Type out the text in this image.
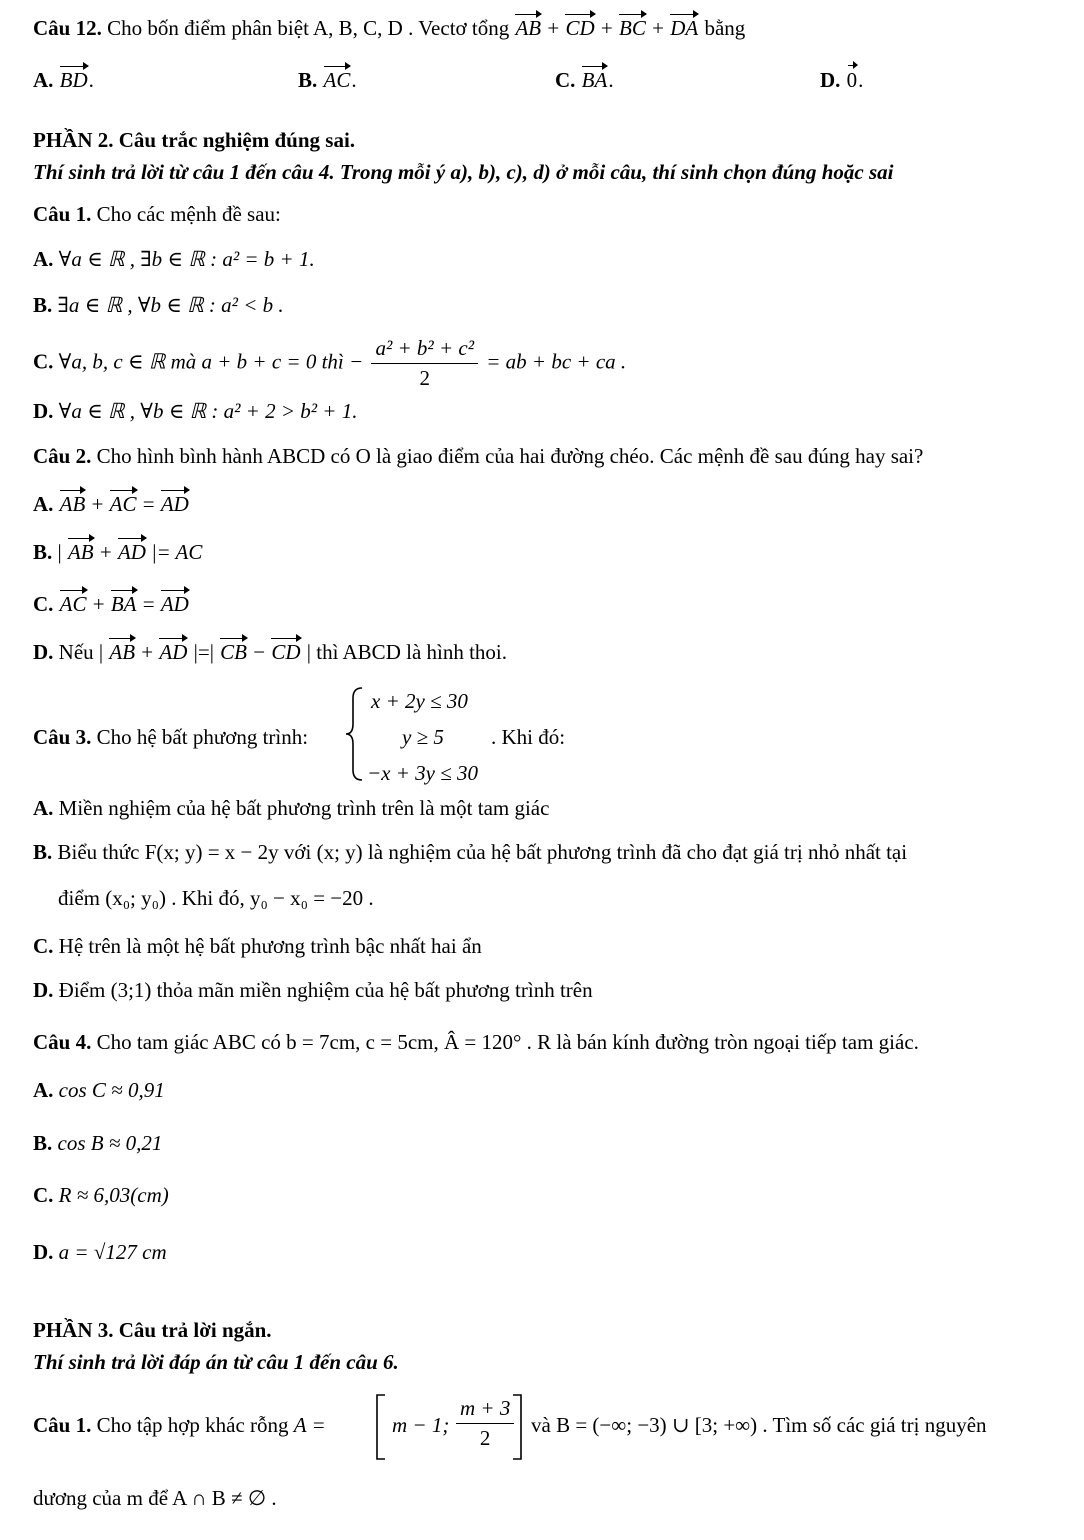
Câu 12. Cho bốn điểm phân biệt A, B, C, D . Vectơ tổng AB + CD + BC + DA bằng
A. BD.	B. AC.	C. BA.	D. 0.
PHẦN 2. Câu trắc nghiệm đúng sai.
Thí sinh trả lời từ câu 1 đến câu 4. Trong mỗi ý a), b), c), d) ở mỗi câu, thí sinh chọn đúng hoặc sai
Câu 1. Cho các mệnh đề sau:
A. ∀a ∈ ℝ , ∃b ∈ ℝ : a² = b + 1.
B. ∃a ∈ ℝ , ∀b ∈ ℝ : a² < b .
C. ∀a, b, c ∈ ℝ mà a + b + c = 0 thì − $\frac{\text{a² + b² + c²}}{2}$ = ab + bc + ca .
D. ∀a ∈ ℝ , ∀b ∈ ℝ : a² + 2 > b² + 1.
Câu 2. Cho hình bình hành ABCD có O là giao điểm của hai đường chéo. Các mệnh đề sau đúng hay sai?
A. AB + AC = AD
B. | AB + AD |= AC
C. AC + BA = AD
D. Nếu | AB + AD |=| CB − CD | thì ABCD là hình thoi.
Câu 3. Cho hệ bất phương trình:
x + 2y ≤ 30
y ≥ 5
−x + 3y ≤ 30
. Khi đó:
A. Miền nghiệm của hệ bất phương trình trên là một tam giác
B. Biểu thức F(x; y) = x − 2y với (x; y) là nghiệm của hệ bất phương trình đã cho đạt giá trị nhỏ nhất tại
điểm (x₀; y₀) . Khi đó, y₀ − x₀ = −20 .
C. Hệ trên là một hệ bất phương trình bậc nhất hai ẩn
D. Điểm (3;1) thỏa mãn miền nghiệm của hệ bất phương trình trên
Câu 4. Cho tam giác ABC có b = 7cm, c = 5cm, Â = 120° . R là bán kính đường tròn ngoại tiếp tam giác.
A. cos C ≈ 0,91
B. cos B ≈ 0,21
C. R ≈ 6,03(cm)
D. a = √127 cm
PHẦN 3. Câu trả lời ngắn.
Thí sinh trả lời đáp án từ câu 1 đến câu 6.
Câu 1. Cho tập hợp khác rỗng A =	m − 1;
m + 3
2
và B = (−∞; −3) ∪ [3; +∞) . Tìm số các giá trị nguyên
dương của m để A ∩ B ≠ ∅ .
